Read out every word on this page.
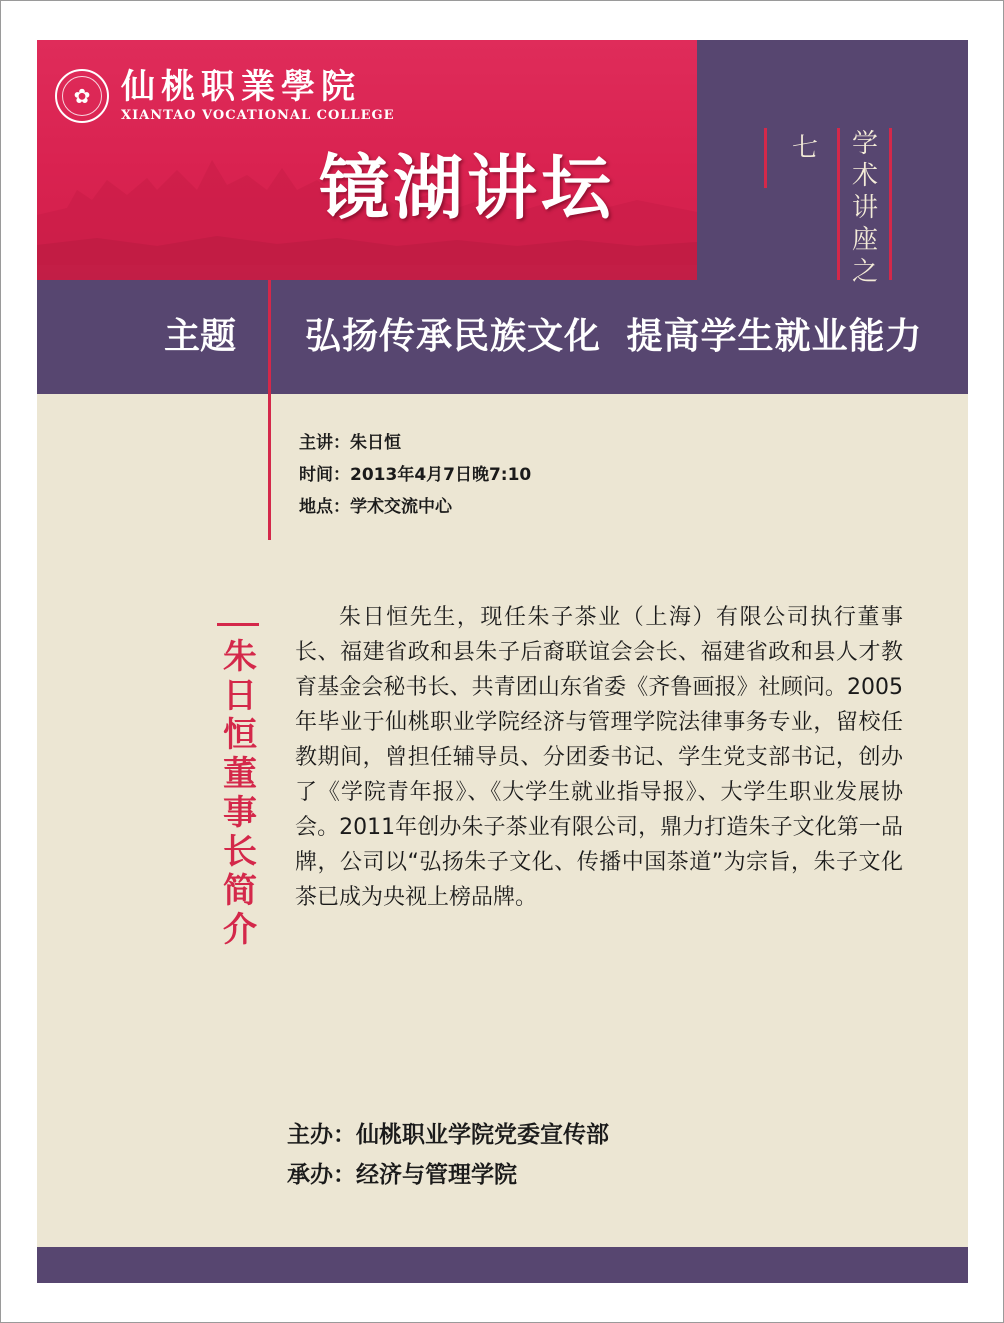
✿ 仙桃职業學院
XIANTAO VOCATIONAL COLLEGE
镜湖讲坛	七 学术讲座之
主题 弘扬传承民族文化 提高学生就业能力
主讲：朱日恒
时间：2013年4月7日晚7:10
地点：学术交流中心
朱日恒董事长简介

朱日恒先生，现任朱子茶业（上海）有限公司执行董事长、福建省政和县朱子后裔联谊会会长、福建省政和县人才教育基金会秘书长、共青团山东省委《齐鲁画报》社顾问。2005年毕业于仙桃职业学院经济与管理学院法律事务专业，留校任教期间，曾担任辅导员、分团委书记、学生党支部书记，创办了《学院青年报》、《大学生就业指导报》、大学生职业发展协会。2011年创办朱子茶业有限公司，鼎力打造朱子文化第一品牌，公司以“弘扬朱子文化、传播中国茶道”为宗旨，朱子文化茶已成为央视上榜品牌。

主办：仙桃职业学院党委宣传部
承办：经济与管理学院
